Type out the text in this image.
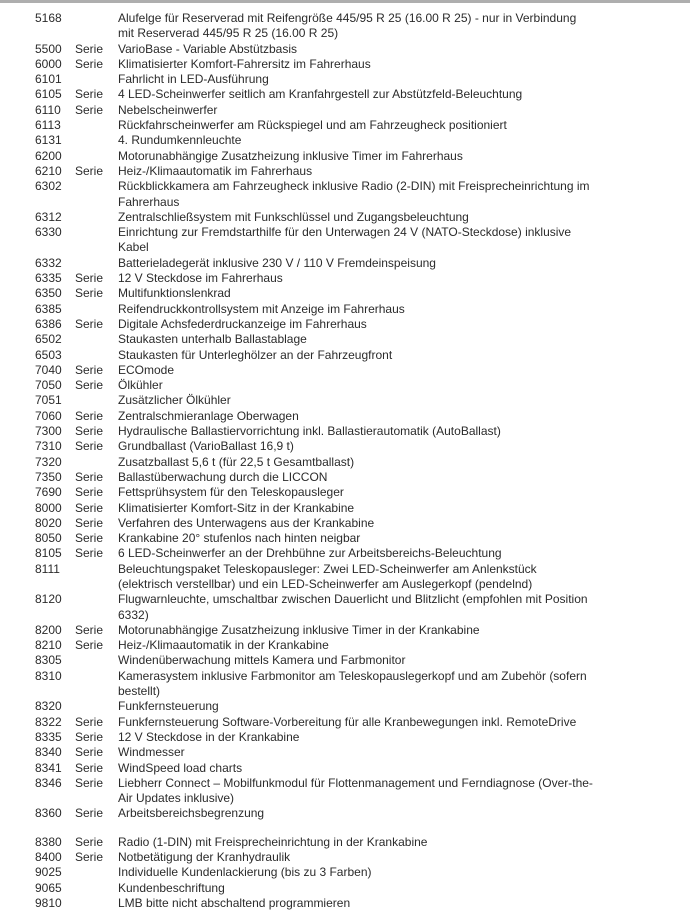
5168	Alufelge für Reserverad mit Reifengröße 445/95 R 25 (16.00 R 25) - nur in Verbindung
mit Reserverad 445/95 R 25 (16.00 R 25)
5500	Serie	VarioBase - Variable Abstützbasis
6000	Serie	Klimatisierter Komfort-Fahrersitz im Fahrerhaus
6101	Fahrlicht in LED-Ausführung
6105	Serie	4 LED-Scheinwerfer seitlich am Kranfahrgestell zur Abstützfeld-Beleuchtung
6110	Serie	Nebelscheinwerfer
6113	Rückfahrscheinwerfer am Rückspiegel und am Fahrzeugheck positioniert
6131	4. Rundumkennleuchte
6200	Motorunabhängige Zusatzheizung inklusive Timer im Fahrerhaus
6210	Serie	Heiz-/Klimaautomatik im Fahrerhaus
6302	Rückblickkamera am Fahrzeugheck inklusive Radio (2-DIN) mit Freisprecheinrichtung im
Fahrerhaus
6312	Zentralschließsystem mit Funkschlüssel und Zugangsbeleuchtung
6330	Einrichtung zur Fremdstarthilfe für den Unterwagen 24 V (NATO-Steckdose) inklusive
Kabel
6332	Batterieladegerät inklusive 230 V / 110 V Fremdeinspeisung
6335	Serie	12 V Steckdose im Fahrerhaus
6350	Serie	Multifunktionslenkrad
6385	Reifendruckkontrollsystem mit Anzeige im Fahrerhaus
6386	Serie	Digitale Achsfederdruckanzeige im Fahrerhaus
6502	Staukasten unterhalb Ballastablage
6503	Staukasten für Unterleghölzer an der Fahrzeugfront
7040	Serie	ECOmode
7050	Serie	Ölkühler
7051	Zusätzlicher Ölkühler
7060	Serie	Zentralschmieranlage Oberwagen
7300	Serie	Hydraulische Ballastiervorrichtung inkl. Ballastierautomatik (AutoBallast)
7310	Serie	Grundballast (VarioBallast 16,9 t)
7320	Zusatzballast 5,6 t (für 22,5 t Gesamtballast)
7350	Serie	Ballastüberwachung durch die LICCON
7690	Serie	Fettsprühsystem für den Teleskopausleger
8000	Serie	Klimatisierter Komfort-Sitz in der Krankabine
8020	Serie	Verfahren des Unterwagens aus der Krankabine
8050	Serie	Krankabine 20° stufenlos nach hinten neigbar
8105	Serie	6 LED-Scheinwerfer an der Drehbühne zur Arbeitsbereichs-Beleuchtung
8111	Beleuchtungspaket Teleskopausleger: Zwei LED-Scheinwerfer am Anlenkstück
(elektrisch verstellbar) und ein LED-Scheinwerfer am Auslegerkopf (pendelnd)
8120	Flugwarnleuchte, umschaltbar zwischen Dauerlicht und Blitzlicht (empfohlen mit Position
6332)
8200	Serie	Motorunabhängige Zusatzheizung inklusive Timer in der Krankabine
8210	Serie	Heiz-/Klimaautomatik in der Krankabine
8305	Windenüberwachung mittels Kamera und Farbmonitor
8310	Kamerasystem inklusive Farbmonitor am Teleskopauslegerkopf und am Zubehör (sofern
bestellt)
8320	Funkfernsteuerung
8322	Serie	Funkfernsteuerung Software-Vorbereitung für alle Kranbewegungen inkl. RemoteDrive
8335	Serie	12 V Steckdose in der Krankabine
8340	Serie	Windmesser
8341	Serie	WindSpeed load charts
8346	Serie	Liebherr Connect – Mobilfunkmodul für Flottenmanagement und Ferndiagnose (Over-the-
Air Updates inklusive)
8360	Serie	Arbeitsbereichsbegrenzung
8380	Serie	Radio (1-DIN) mit Freisprecheinrichtung in der Krankabine
8400	Serie	Notbetätigung der Kranhydraulik
9025	Individuelle Kundenlackierung (bis zu 3 Farben)
9065	Kundenbeschriftung
9810	LMB bitte nicht abschaltend programmieren
